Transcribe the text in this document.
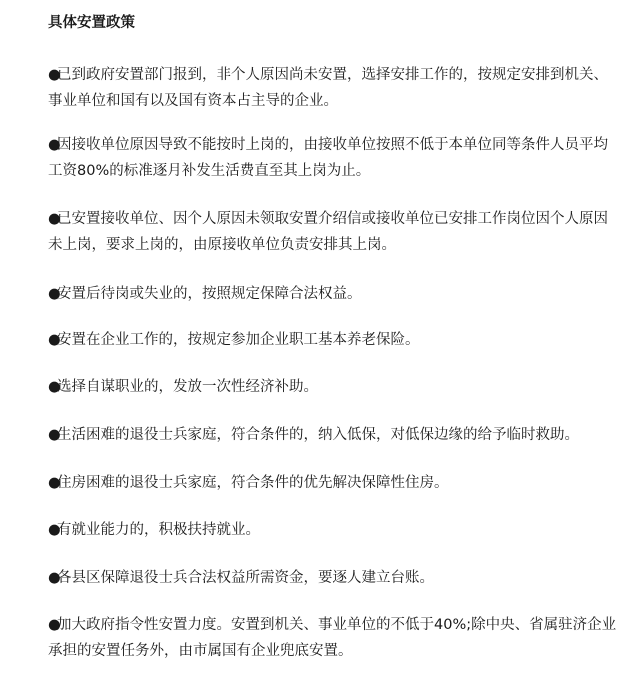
具体安置政策
●已到政府安置部门报到，非个人原因尚未安置，选择安排工作的，按规定安排到机关、事业单位和国有以及国有资本占主导的企业。
●因接收单位原因导致不能按时上岗的，由接收单位按照不低于本单位同等条件人员平均工资80%的标准逐月补发生活费直至其上岗为止。
●已安置接收单位、因个人原因未领取安置介绍信或接收单位已安排工作岗位因个人原因未上岗，要求上岗的，由原接收单位负责安排其上岗。
●安置后待岗或失业的，按照规定保障合法权益。
●安置在企业工作的，按规定参加企业职工基本养老保险。
●选择自谋职业的，发放一次性经济补助。
●生活困难的退役士兵家庭，符合条件的，纳入低保，对低保边缘的给予临时救助。
●住房困难的退役士兵家庭，符合条件的优先解决保障性住房。
●有就业能力的，积极扶持就业。
●各县区保障退役士兵合法权益所需资金，要逐人建立台账。
●加大政府指令性安置力度。安置到机关、事业单位的不低于40%;除中央、省属驻济企业承担的安置任务外，由市属国有企业兜底安置。
